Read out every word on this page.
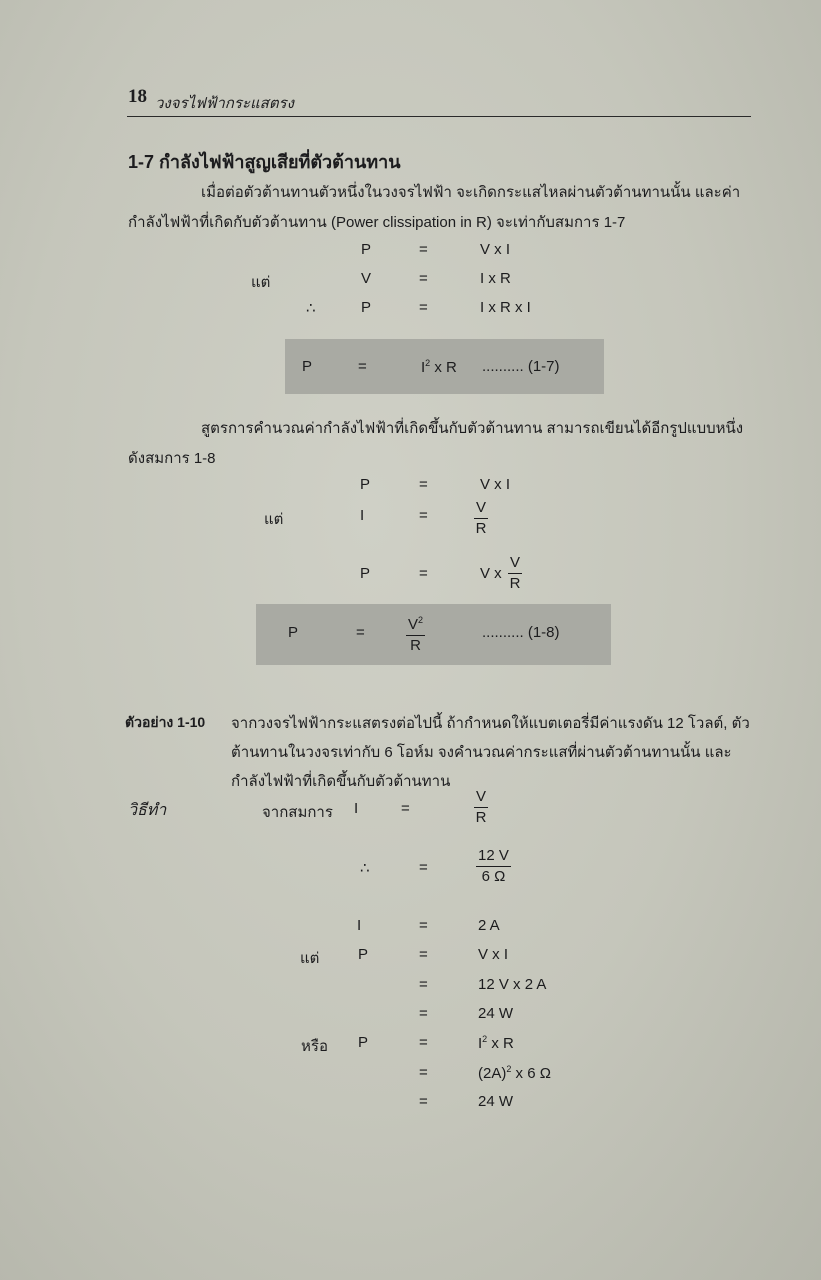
18 วงจรไฟฟ้ากระแสตรง
1-7 กำลังไฟฟ้าสูญเสียที่ตัวต้านทาน
เมื่อต่อตัวต้านทานตัวหนึ่งในวงจรไฟฟ้า จะเกิดกระแสไหลผ่านตัวต้านทานนั้น และค่า
กำลังไฟฟ้าที่เกิดกับตัวต้านทาน (Power clissipation in R) จะเท่ากับสมการ 1-7
P	=	V x I
แต่	V	=	I x R
∴	P	=	I x R x I
P	=	$I^2$ x R .......... (1-7)
สูตรการคำนวณค่ากำลังไฟฟ้าที่เกิดขึ้นกับตัวต้านทาน สามารถเขียนได้อีกรูปแบบหนึ่ง
ดังสมการ 1-8
P	=	V x I
แต่	I	=	$\frac{V}{R}$
P	=	V x $\frac{V}{R}$
P	=	$\frac{V^2}{R}$	.......... (1-8)
ตัวอย่าง 1-10 จากวงจรไฟฟ้ากระแสตรงต่อไปนี้ ถ้ากำหนดให้แบตเตอรี่มีค่าแรงดัน 12 โวลต์, ตัว
ต้านทานในวงจรเท่ากับ 6 โอห์ม จงคำนวณค่ากระแสที่ผ่านตัวต้านทานนั้น และ
กำลังไฟฟ้าที่เกิดขึ้นกับตัวต้านทาน
วิธีทำ	จากสมการ I	=	$\frac{V}{R}$
∴	=	$\frac{12 V}{6 \Omega}$
I	=	2 A
แต่	P	=	V x I
=	12 V x 2 A
=	24 W
หรือ P	=	$I^2$ x R
=	$(2A)^2$ x 6 Ω
=	24 W
